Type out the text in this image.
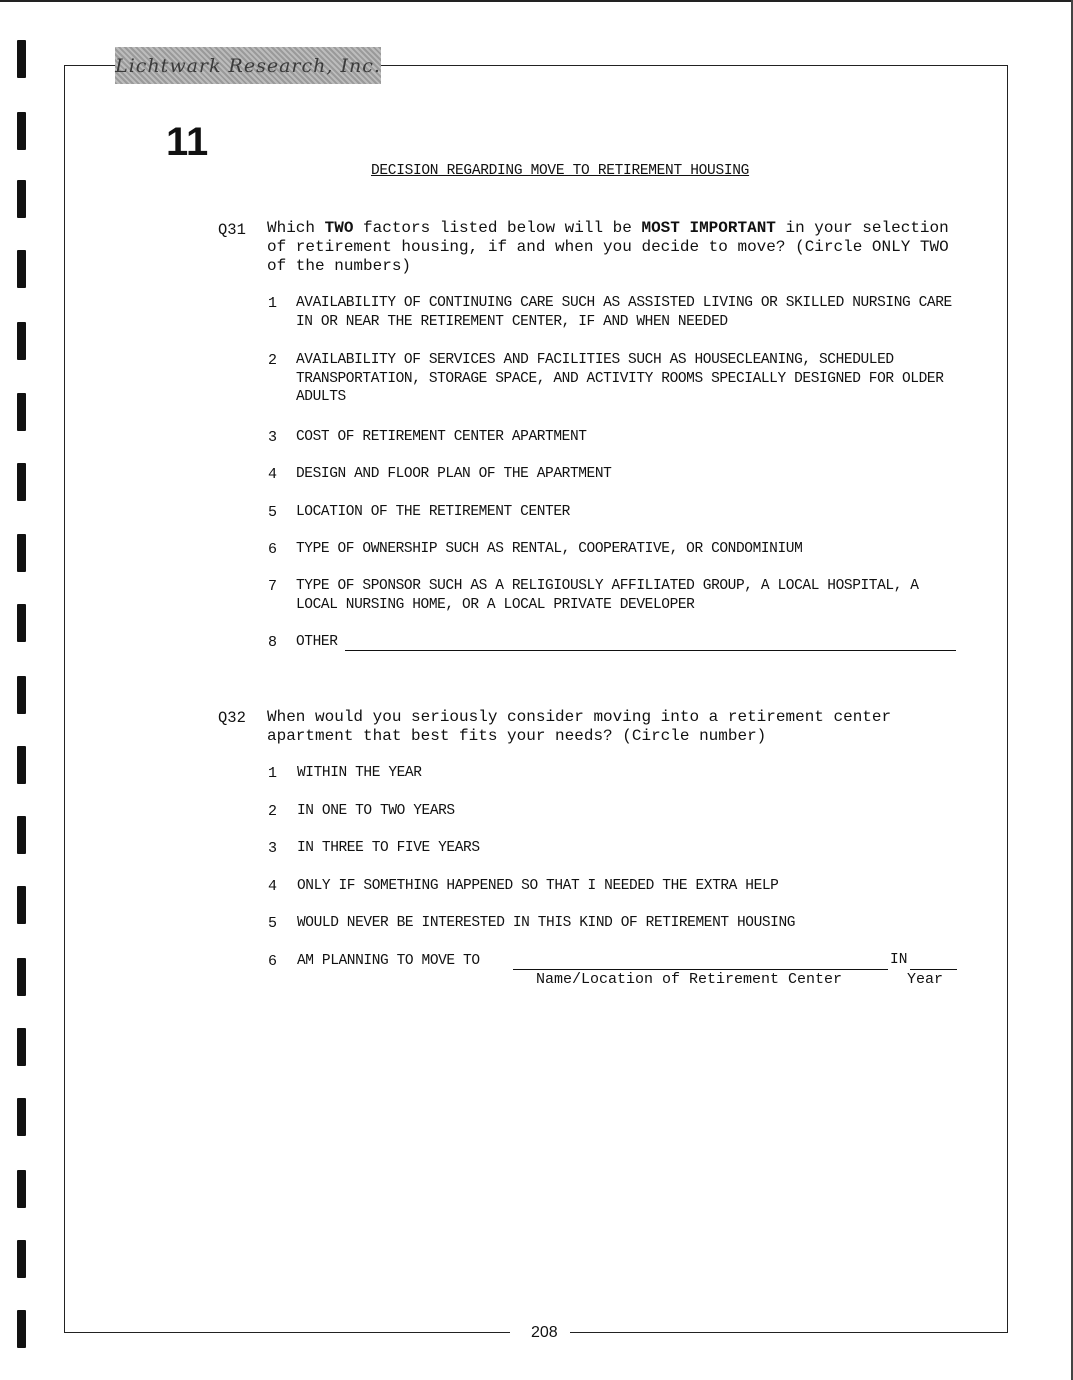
Lichtwark Research, Inc.
11
DECISION REGARDING MOVE TO RETIREMENT HOUSING
Q31 Which TWO factors listed below will be MOST IMPORTANT in your selection of retirement housing, if and when you decide to move? (Circle ONLY TWO of the numbers)
1 AVAILABILITY OF CONTINUING CARE SUCH AS ASSISTED LIVING OR SKILLED NURSING CARE IN OR NEAR THE RETIREMENT CENTER, IF AND WHEN NEEDED
2 AVAILABILITY OF SERVICES AND FACILITIES SUCH AS HOUSECLEANING, SCHEDULED TRANSPORTATION, STORAGE SPACE, AND ACTIVITY ROOMS SPECIALLY DESIGNED FOR OLDER ADULTS
3 COST OF RETIREMENT CENTER APARTMENT
4 DESIGN AND FLOOR PLAN OF THE APARTMENT
5 LOCATION OF THE RETIREMENT CENTER
6 TYPE OF OWNERSHIP SUCH AS RENTAL, COOPERATIVE, OR CONDOMINIUM
7 TYPE OF SPONSOR SUCH AS A RELIGIOUSLY AFFILIATED GROUP, A LOCAL HOSPITAL, A LOCAL NURSING HOME, OR A LOCAL PRIVATE DEVELOPER
8 OTHER
Q32 When would you seriously consider moving into a retirement center apartment that best fits your needs? (Circle number)
1 WITHIN THE YEAR
2 IN ONE TO TWO YEARS
3 IN THREE TO FIVE YEARS
4 ONLY IF SOMETHING HAPPENED SO THAT I NEEDED THE EXTRA HELP
5 WOULD NEVER BE INTERESTED IN THIS KIND OF RETIREMENT HOUSING
6 AM PLANNING TO MOVE TO	IN
Name/Location of Retirement Center	Year
208
